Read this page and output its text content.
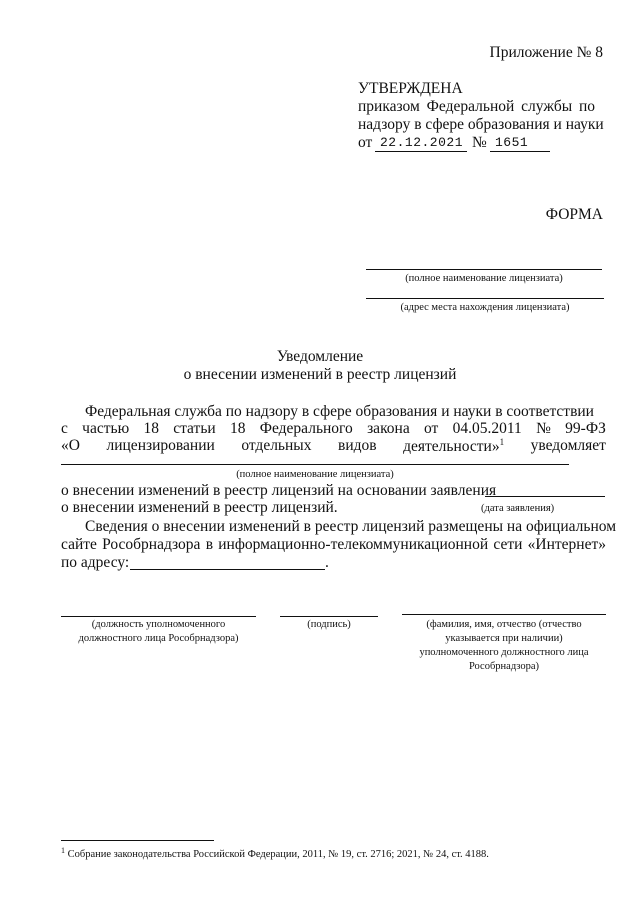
Приложение № 8
УТВЕРЖДЕНА
приказом Федеральной службы по
надзору в сфере образования и науки
от 22.12.2021 № 1651
ФОРМА
(полное наименование лицензиата)
(адрес места нахождения лицензиата)
Уведомление
о внесении изменений в реестр лицензий
Федеральная служба по надзору в сфере образования и науки в соответствии
с частью 18 статьи 18 Федерального закона от 04.05.2011 № 99-ФЗ
«О лицензировании отдельных видов деятельности»$^1$ уведомляет
(полное наименование лицензиата)
о внесении изменений в реестр лицензий на основании заявления
о внесении изменений в реестр лицензий.	(дата заявления)
Сведения о внесении изменений в реестр лицензий размещены на официальном
сайте Рособрнадзора в информационно-телекоммуникационной сети «Интернет»
по адресу:	.
(должность уполномоченного
должностного лица Рособрнадзора)
(подпись)	(фамилия, имя, отчество (отчество
указывается при наличии)
уполномоченного должностного лица
Рособрнадзора)
$^1$ Собрание законодательства Российской Федерации, 2011, № 19, ст. 2716; 2021, № 24, ст. 4188.
